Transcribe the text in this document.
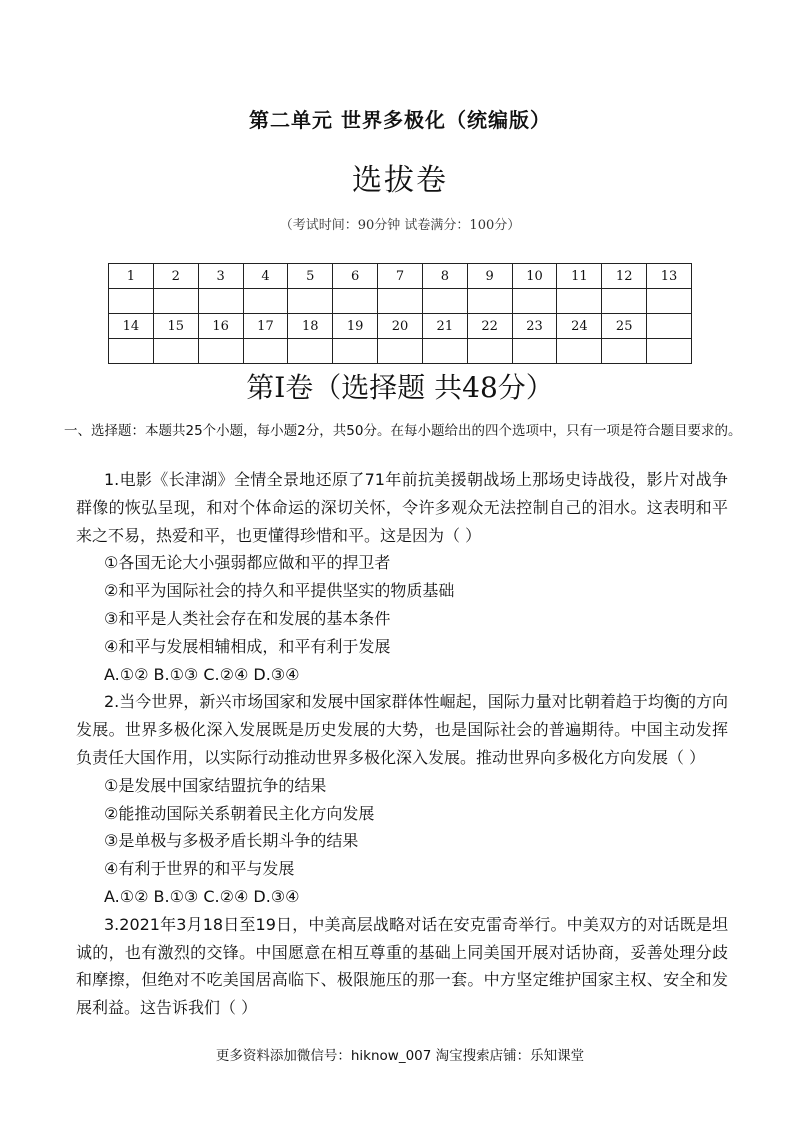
第二单元 世界多极化（统编版）
选拔卷
（考试时间：90分钟 试卷满分：100分）
1	2	3	4	5	6	7	8	9	10	11	12	13

14	15	16	17	18	19	20	21	22	23	24	25	

第I卷（选择题 共48分）
一、选择题：本题共25个小题，每小题2分，共50分。在每小题给出的四个选项中，只有一项是符合题目要求的。

1.电影《长津湖》全情全景地还原了71年前抗美援朝战场上那场史诗战役，影片对战争群像的恢弘呈现，和对个体命运的深切关怀，令许多观众无法控制自己的泪水。这表明和平来之不易，热爱和平，也更懂得珍惜和平。这是因为（ ）

①各国无论大小强弱都应做和平的捍卫者

②和平为国际社会的持久和平提供坚实的物质基础

③和平是人类社会存在和发展的基本条件

④和平与发展相辅相成，和平有利于发展

A.①② B.①③ C.②④ D.③④

2.当今世界，新兴市场国家和发展中国家群体性崛起，国际力量对比朝着趋于均衡的方向发展。世界多极化深入发展既是历史发展的大势，也是国际社会的普遍期待。中国主动发挥负责任大国作用，以实际行动推动世界多极化深入发展。推动世界向多极化方向发展（ ）

①是发展中国家结盟抗争的结果

②能推动国际关系朝着民主化方向发展

③是单极与多极矛盾长期斗争的结果

④有利于世界的和平与发展

A.①② B.①③ C.②④ D.③④

3.2021年3月18日至19日，中美高层战略对话在安克雷奇举行。中美双方的对话既是坦诚的，也有激烈的交锋。中国愿意在相互尊重的基础上同美国开展对话协商，妥善处理分歧和摩擦，但绝对不吃美国居高临下、极限施压的那一套。中方坚定维护国家主权、安全和发展利益。这告诉我们（ ）

更多资料添加微信号：hiknow_007 淘宝搜索店铺：乐知课堂
